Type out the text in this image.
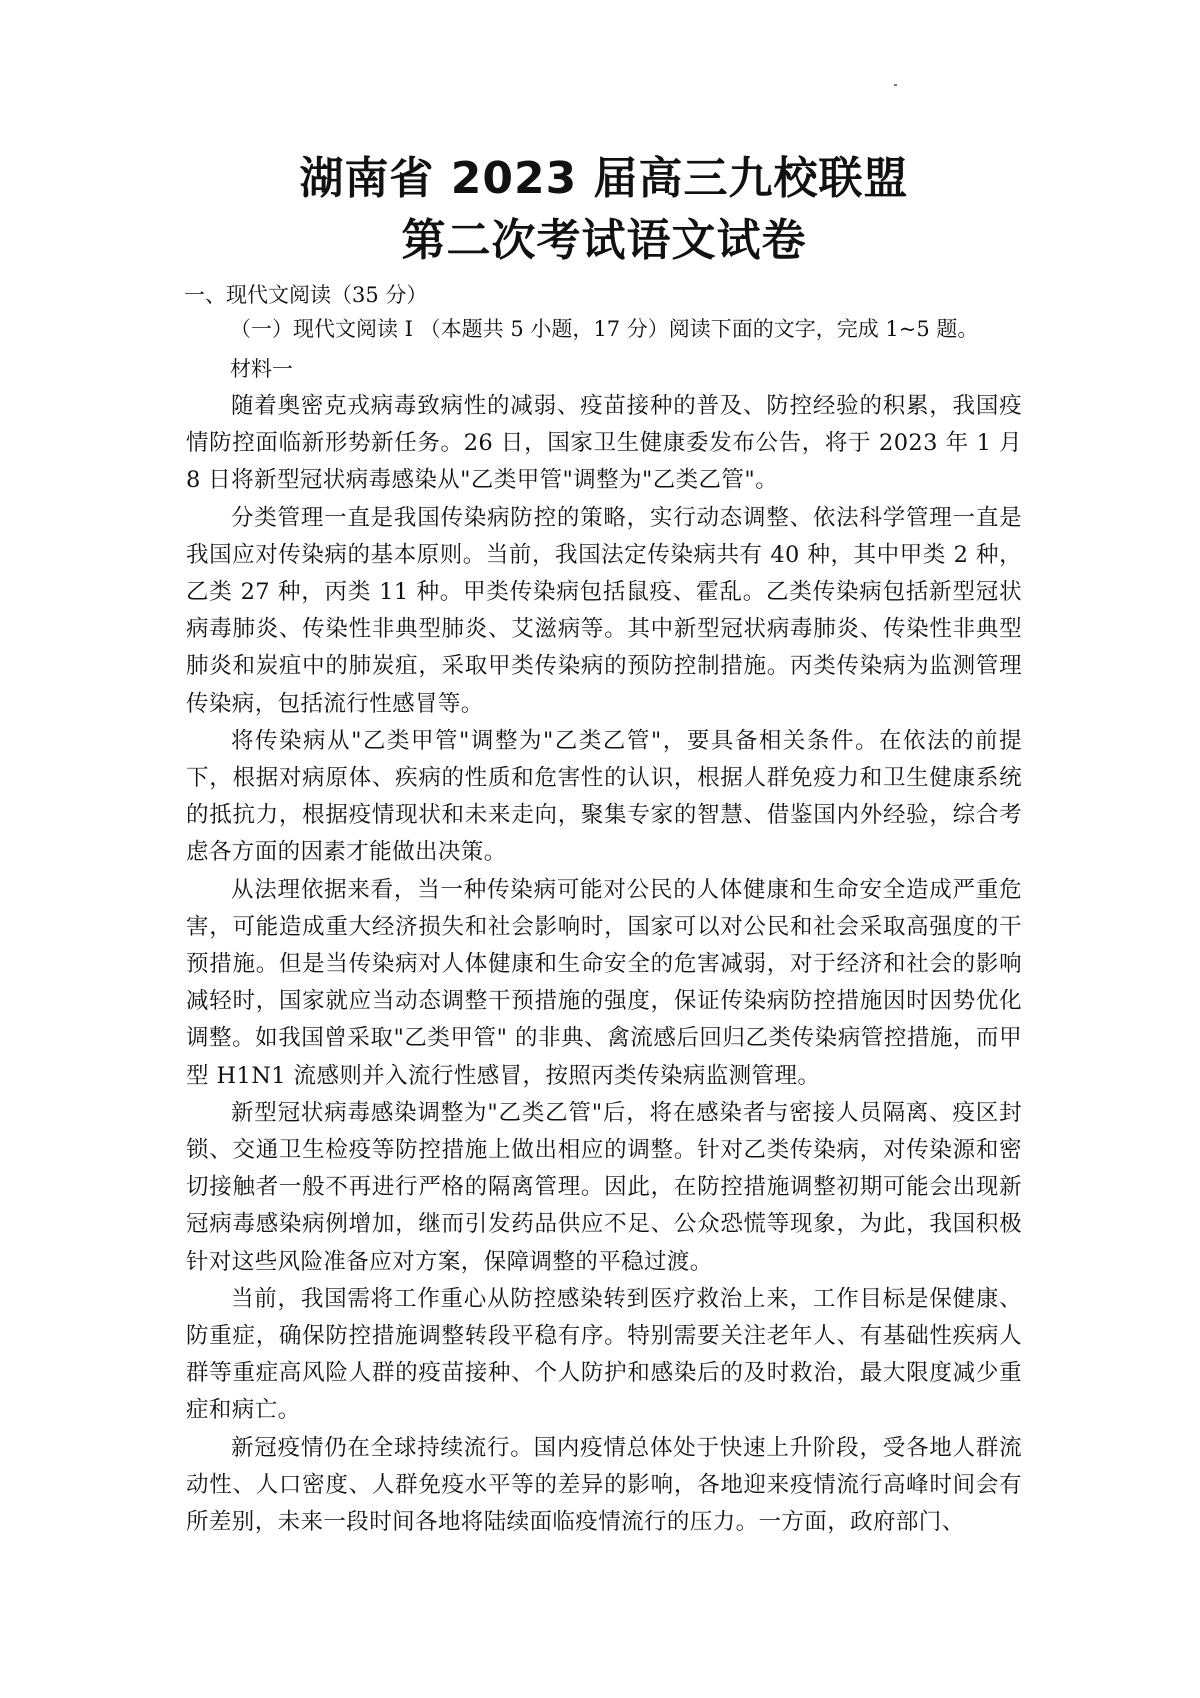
湖南省 2023 届高三九校联盟
第二次考试语文试卷

一、现代文阅读（35 分）

（一）现代文阅读 I （本题共 5 小题，17 分）阅读下面的文字，完成 1~5 题。

材料一

随着奥密克戎病毒致病性的减弱、疫苗接种的普及、防控经验的积累，我国疫情防控面临新形势新任务。26 日，国家卫生健康委发布公告，将于 2023 年 1 月 8 日将新型冠状病毒感染从"乙类甲管"调整为"乙类乙管"。

分类管理一直是我国传染病防控的策略，实行动态调整、依法科学管理一直是我国应对传染病的基本原则。当前，我国法定传染病共有 40 种，其中甲类 2 种，乙类 27 种，丙类 11 种。甲类传染病包括鼠疫、霍乱。乙类传染病包括新型冠状病毒肺炎、传染性非典型肺炎、艾滋病等。其中新型冠状病毒肺炎、传染性非典型肺炎和炭疽中的肺炭疽，采取甲类传染病的预防控制措施。丙类传染病为监测管理传染病，包括流行性感冒等。

将传染病从"乙类甲管"调整为"乙类乙管"，要具备相关条件。在依法的前提下，根据对病原体、疾病的性质和危害性的认识，根据人群免疫力和卫生健康系统的抵抗力，根据疫情现状和未来走向，聚集专家的智慧、借鉴国内外经验，综合考虑各方面的因素才能做出决策。

从法理依据来看，当一种传染病可能对公民的人体健康和生命安全造成严重危害，可能造成重大经济损失和社会影响时，国家可以对公民和社会采取高强度的干预措施。但是当传染病对人体健康和生命安全的危害减弱，对于经济和社会的影响减轻时，国家就应当动态调整干预措施的强度，保证传染病防控措施因时因势优化调整。如我国曾采取"乙类甲管" 的非典、禽流感后回归乙类传染病管控措施，而甲型 H1N1 流感则并入流行性感冒，按照丙类传染病监测管理。

新型冠状病毒感染调整为"乙类乙管"后，将在感染者与密接人员隔离、疫区封锁、交通卫生检疫等防控措施上做出相应的调整。针对乙类传染病，对传染源和密切接触者一般不再进行严格的隔离管理。因此，在防控措施调整初期可能会出现新冠病毒感染病例增加，继而引发药品供应不足、公众恐慌等现象，为此，我国积极针对这些风险准备应对方案，保障调整的平稳过渡。

当前，我国需将工作重心从防控感染转到医疗救治上来，工作目标是保健康、防重症，确保防控措施调整转段平稳有序。特别需要关注老年人、有基础性疾病人群等重症高风险人群的疫苗接种、个人防护和感染后的及时救治，最大限度减少重症和病亡。

新冠疫情仍在全球持续流行。国内疫情总体处于快速上升阶段，受各地人群流动性、人口密度、人群免疫水平等的差异的影响，各地迎来疫情流行高峰时间会有所差别，未来一段时间各地将陆续面临疫情流行的压力。一方面，政府部门、
